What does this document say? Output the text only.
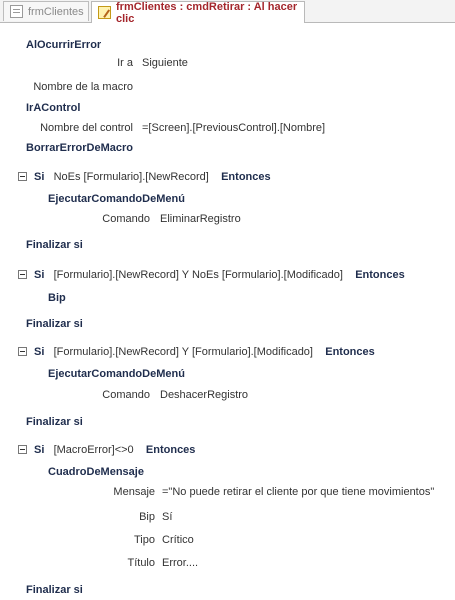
frmClientes	frmClientes : cmdRetirar : Al hacer clic
AlOcurrirError
Ir a Siguiente
Nombre de la macro
IrAControl
Nombre del control =[Screen].[PreviousControl].[Nombre]
BorrarErrorDeMacro
Si NoEs [Formulario].[NewRecord] Entonces
EjecutarComandoDeMenú
Comando EliminarRegistro
Finalizar si
Si [Formulario].[NewRecord] Y NoEs [Formulario].[Modificado] Entonces
Bip
Finalizar si
Si [Formulario].[NewRecord] Y [Formulario].[Modificado] Entonces
EjecutarComandoDeMenú
Comando DeshacerRegistro
Finalizar si
Si [MacroError]<>0 Entonces
CuadroDeMensaje
Mensaje ="No puede retirar el cliente por que tiene movimientos"
Bip Sí
Tipo Crítico
Título Error....
Finalizar si
